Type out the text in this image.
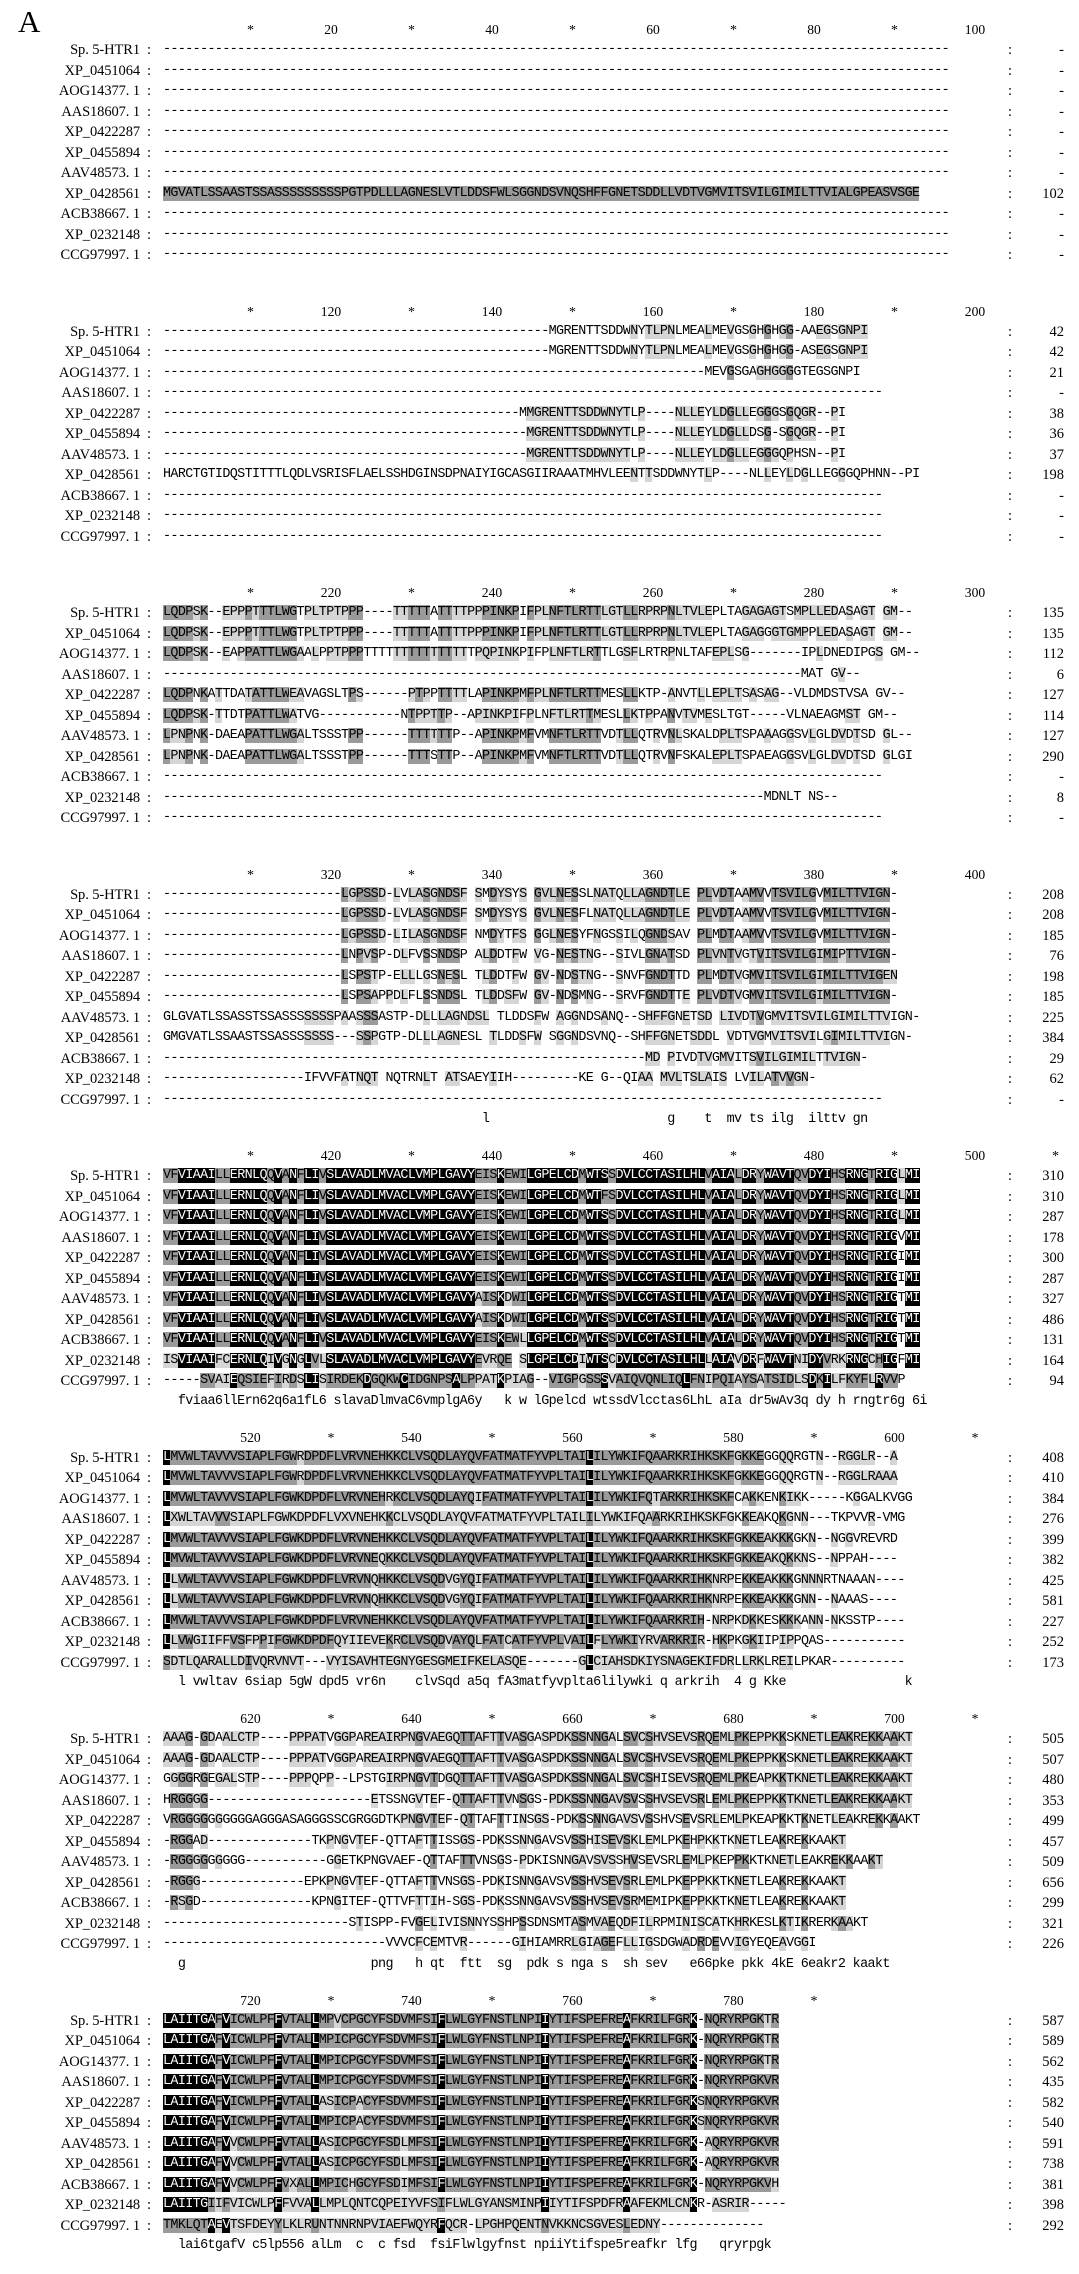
A	*	20	*	40	*	60	*	80	*	100
Sp. 5-HTR1 : ----------------------------------------------------------------------------------------------------------	:	-
XP_0451064 : ----------------------------------------------------------------------------------------------------------	:	-
AOG14377. 1 : ----------------------------------------------------------------------------------------------------------	:	-
AAS18607. 1 : ----------------------------------------------------------------------------------------------------------	:	-
XP_0422287 : ----------------------------------------------------------------------------------------------------------	:	-
XP_0455894 : ----------------------------------------------------------------------------------------------------------	:	-
AAV48573. 1 : ----------------------------------------------------------------------------------------------------------	:	-
XP_0428561 : MGVATLSSAASTSSASSSSSSSSSPGTPDLLLAGNESLVTLDDSFWLSGGNDSVNQSHFFGNETSDDLLVDTVGMVITSVILGIMILTTVIALGPEASVSGE	:	102
ACB38667. 1 : ----------------------------------------------------------------------------------------------------------	:	-
XP_0232148 : ----------------------------------------------------------------------------------------------------------	:	-
CCG97997. 1 : ----------------------------------------------------------------------------------------------------------	:	-
*	120	*	140	*	160	*	180	*	200
Sp. 5-HTR1 : ----------------------------------------------------MGRENTTSDDWNYTLPNLMEALMEVGSGHGHGG-AAEGSGNPI	:	42
XP_0451064 : ----------------------------------------------------MGRENTTSDDWNYTLPNLMEALMEVGSGHGHGG-ASEGSGNPI	:	42
AOG14377. 1 : -------------------------------------------------------------------------MEVGSGAGHGGGGTEGSGNPI	:	21
AAS18607. 1 : -------------------------------------------------------------------------------------------------	:	-
XP_0422287 : ------------------------------------------------MMGRENTTSDDWNYTLP----NLLEYLDGLLEGGGSGQGR--PI	:	38
XP_0455894 : -------------------------------------------------MGRENTTSDDWNYTLP----NLLEYLDGLLDSG-SGQGR--PI	:	36
AAV48573. 1 : -------------------------------------------------MGRENTTSDDWNYTLP----NLLEYLDGLLEGGGQPHSN--PI	:	37
XP_0428561 : HARCTGTIDQSTITTTLQDLVSRISFLAELSSHDGINSDPNAIYIGCASGIIRAAATMHVLEENTTSDDWNYTLP----NLLEYLDGLLEGGGQPHNN--PI	:	198
ACB38667. 1 : -------------------------------------------------------------------------------------------------	:	-
XP_0232148 : -------------------------------------------------------------------------------------------------	:	-
CCG97997. 1 : -------------------------------------------------------------------------------------------------	:	-
*	220	*	240	*	260	*	280	*	300
Sp. 5-HTR1 : LQDPSK--EPPPTTTLWGTPLTPTPPP----TTTTTATTTTPPPINKPIFPLNFTLRTTLGTLLRPRPNLTVLEPLTAGAGAGTSMPLLEDASAGT GM--	:	135
XP_0451064 : LQDPSK--EPPPTTTLWGTPLTPTPPP----TTTTTATTTTPPPINKPIFPLNFTLRTTLGTLLRPRPNLTVLEPLTAGAGGGTGMPPLEDASAGT GM--	:	135
AOG14377. 1 : LQDPSK--EAPPATTLWGAALPPTPPPTTTTTTTTTTTTTTTPQPINKPIFPLNFTLRTTLGSFLRTRPNLTAFEPLSG-------IPLDNEDIPGS GM--	:	112
AAS18607. 1 : --------------------------------------------------------------------------------------MAT GV--	:	6
XP_0422287 : LQDPNKATTDATATTLWEAVAGSLTPS------PTPPTTTTLAPINKPMFPLNFTLRTTMESLLKTP-ANVTLLEPLTSASAG--VLDMDSTVSA GV--	:	127
XP_0455894 : LQDPSK-TTDTPATTLWATVG-----------NTPPTTP--APINKPIFPLNFTLRTTMESLLKTPPANVTVMESLTGT-----VLNAEAGMST GM--	:	114
AAV48573. 1 : LPNPNK-DAEAPATTLWGALTSSSTPP------TTTTTTP--APINKPMFVMNFTLRTTVDTLLQTRVNLSKALDPLTSPAAAGGSVLGLDVDTSD GL--	:	127
XP_0428561 : LPNPNK-DAEAPATTLWGALTSSSTPP------TTTSTTP--APINKPMFVMNFTLRTTVDTLLQTRVNFSKALEPLTSPAEAGGSVLGLDVDTSD GLGI	:	290
ACB38667. 1 : -------------------------------------------------------------------------------------------------	:	-
XP_0232148 : ---------------------------------------------------------------------------------MDNLT NS--	:	8
CCG97997. 1 : -------------------------------------------------------------------------------------------------	:	-
*	320	*	340	*	360	*	380	*	400
Sp. 5-HTR1 : ------------------------LGPSSD-LVLASGNDSF SMDYSYS GVLNESSLNATQLLAGNDTLE PLVDTAAMVVTSVILGVMILTTVIGN-	:	208
XP_0451064 : ------------------------LGPSSD-LVLASGNDSF SMDYSYS GVLNESFLNATQLLAGNDTLE PLVDTAAMVVTSVILGVMILTTVIGN-	:	208
AOG14377. 1 : ------------------------LGPSSD-LILASGNDSF NMDYTFS GGLNESYFNGSSILQGNDSAV PLMDTAAMVVTSVILGVMILTTVIGN-	:	185
AAS18607. 1 : ------------------------LNPVSP-DLFVSSNDSP ALDDTFW VG-NESTNG--SIVLGNATSD PLVNTVGTVITSVILGIMIPTTVIGN-	:	76
XP_0422287 : ------------------------LSPSTP-ELLLGSNESL TLDDTFW GV-NDSTNG--SNVFGNDTTD PLMDTVGMVITSVILGIMILTTVIGEN	:	198
XP_0455894 : ------------------------LSPSAPPDLFLSSNDSL TLDDSFW GV-NDSMNG--SRVFGNDTTE PLVDTVGMVITSVILGIMILTTVIGN-	:	185
AAV48573. 1 : GLGVATLSSASSTSSASSSSSSSPAASSSASTP-DLLLAGNDSL TLDDSFW AGGNDSANQ--SHFFGNETSD LIVDTVGMVITSVILGIMILTTVIGN-	:	225
XP_0428561 : GMGVATLSSAASTSSASSSSSSS---SSPGTP-DLLLAGNESL TLDDSFW SGGNDSVNQ--SHFFGNETSDDL VDTVGMVITSVILGIMILTTVIGN-	:	384
ACB38667. 1 : -----------------------------------------------------------------MD PIVDTVGMVITSVILGIMILTTVIGN-	:	29
XP_0232148 : -------------------IFVVFATNQT NQTRNLT ATSAEYIIH---------KE G--QIAA MVLTSLAIS LVILATVVGN-	:	62
CCG97997. 1 : -------------------------------------------------------------------------------------------------	:	-
l                        g    t  mv ts ilg  ilttv gn
*	420	*	440	*	460	*	480	*	500	*
Sp. 5-HTR1 : VFVIAAILLERNLQQVANFLIVSLAVADLMVACLVMPLGAVYEISKEWILGPELCDMWTSSDVLCCTASILHLVAIALDRYWAVTQVDYIHSRNGTRIGLMI	:	310
XP_0451064 : VFVIAAILLERNLQQVANFLIVSLAVADLMVACLVMPLGAVYEISKEWILGPELCDMWTFSDVLCCTASILHLVAIALDRYWAVTQVDYIHSRNGTRIGLMI	:	310
AOG14377. 1 : VFVIAAILLERNLQQVANFLIVSLAVADLMVACLVMPLGAVYEISKEWILGPELCDMWTSSDVLCCTASILHLVAIALDRYWAVTQVDYIHSRNGTRIGLMI	:	287
AAS18607. 1 : VFVIAAILLERNLQQVANFLIVSLAVADLMVACLVMPLGAVYEISKEWILGPELCDMWTSSDVLCCTASILHLVAIALDRYWAVTQVDYIHSRNGTRIGVMI	:	178
XP_0422287 : VFVIAAILLERNLQQVANFLIVSLAVADLMVACLVMPLGAVYEISKEWILGPELCDMWTSSDVLCCTASILHLVAIALDRYWAVTQVDYIHSRNGTRIGIMI	:	300
XP_0455894 : VFVIAAILLERNLQQVANFLIVSLAVADLMVACLVMPLGAVYEISKEWILGPELCDMWTSSDVLCCTASILHLVAIALDRYWAVTQVDYIHSRNGTRIGIMI	:	287
AAV48573. 1 : VFVIAAILLERNLQQVANFLIVSLAVADLMVACLVMPLGAVYAISKDWILGPELCDMWTSSDVLCCTASILHLVAIALDRYWAVTQVDYIHSRNGTRIGTMI	:	327
XP_0428561 : VFVIAAILLERNLQQVANFLIVSLAVADLMVACLVMPLGAVYAISKDWILGPELCDMWTSSDVLCCTASILHLVAIALDRYWAVTQVDYIHSRNGTRIGTMI	:	486
ACB38667. 1 : VFVIAAILLERNLQQVANFLIVSLAVADLMVACLVMPLGAVYEISKEWLLGPELCDMWTSSDVLCCTASILHLVAIALDRYWAVTQVDYIHSRNGTRIGTMI	:	131
XP_0232148 : ISVIAAIFCERNLQIVGNGLVLSLAVADLMVACLVMPLGAVYEVRQE SLGPELCDIWTSCDVLCCTASILHLLAIAVDRFWAVTNIDYVRKRNGCHIGFMI	:	164
CCG97997. 1 : -----SVAIEQSIEFIRDSLISIRDEKDGQKWCIDGNPSALPPATKPIAG--VIGPGSSSVAIQVQNLIQLFNIPQIAYSATSIDLSDKILFKYFLRVVP	:	94
fviaa6llErn62q6a1fL6 slavaDlmvaC6vmplgA6y   k w lGpelcd wtssdVlcctas6LhL aIa dr5wAv3q dy h rngtr6g 6i
520	*	540	*	560	*	580	*	600	*
Sp. 5-HTR1 : LMVWLTAVVVSIAPLFGWRDPDFLVRVNEHKKCLVSQDLAYQVFATMATFYVPLTAILILYWKIFQAARKRIHKSKFGKKEGGQQRGTN--RGGLR--A	:	408
XP_0451064 : LMVWLTAVVVSIAPLFGWRDPDFLVRVNEHKKCLVSQDLAYQVFATMATFYVPLTAILILYWKIFQAARKRIHKSKFGKKEGGQQRGTN--RGGLRAAA	:	410
AOG14377. 1 : LMVWLTAVVVSIAPLFGWKDPDFLVRVNEHRKCLVSQDLAYQIFATMATFYVPLTAILILYWKIFQTARKRIHKSKFCAKKENKIKK-----KGGALKVGG	:	384
AAS18607. 1 : LXWLTAVVVSIAPLFGWKDPDFLVXVNEHKKCLVSQDLAYQVFATMATFYVPLTAILILYWKIFQAARKRIHKSKFGKKEAKQKGNN---TKPVVR-VMG	:	276
XP_0422287 : LMVWLTAVVVSIAPLFGWKDPDFLVRVNEHKKCLVSQDLAYQVFATMATFYVPLTAILILYWKIFQAARKRIHKSKFGKKEAKKKGKN--NGGVREVRD	:	399
XP_0455894 : LMVWLTAVVVSIAPLFGWKDPDFLVRVNEQKKCLVSQDLAYQVFATMATFYVPLTAILILYWKIFQAARKRIHKSKFGKKEAKQKKNS--NPPAH----	:	382
AAV48573. 1 : LLVWLTAVVVSIAPLFGWKDPDFLVRVNQHKKCLVSQDVGYQIFATMATFYVPLTAILILYWKIFQAARKRIHKNRPEKKEAKKKGNNNRTNAAAN----	:	425
XP_0428561 : LLVWLTAVVVSIAPLFGWKDPDFLVRVNQHKKCLVSQDVGYQIFATMATFYVPLTAILILYWKIFQAARKRIHKNRPEKKEAKKKGNN--NAAAS----	:	581
ACB38667. 1 : LMVWLTAVVVSIAPLFGWKDPDFLVRVNEHKKCLVSQDLAYQVFATMATFYVPLTAILILYWKIFQAARKRIH-NRPKDKKESKKKANN-NKSSTP----	:	227
XP_0232148 : LLVWGIIFFVSFPPIFGWKDPDFQYIIEVEKRCLVSQDVAYQLFATCATFYVPLVAILFLYWKIYRVARKRIR-HKPKGKIIPIPPQAS-----------	:	252
CCG97997. 1 : SDTLQARALLDIVQRVNVT---VYISAVHTEGNYGESGMEIFKELASQE-------GLCIAHSDKIYSNAGEKIFDRLLRKLREILPKAR----------	:	173
l vwltav 6siap 5gW dpd5 vr6n    clvSqd a5q fA3matfyvplta6lilywki q arkrih  4 g Kke                k
620	*	640	*	660	*	680	*	700	*
Sp. 5-HTR1 : AAAG-GDAALCTP----PPPATVGGPAREAIRPNGVAEGQTTAFTTVASGASPDKSSNNGALSVCSHVSEVSRQEMLPKEPPKKSKNETLEAKREKKAAKT	:	505
XP_0451064 : AAAG-GDAALCTP----PPPATVGGPAREAIRPNGVAEGQTTAFTTVASGASPDKSSNNGALSVCSHVSEVSRQEMLPKEPPKKSKNETLEAKREKKAAKT	:	507
AOG14377. 1 : GGGGRGEGALSTP----PPPQPP--LPSTGIRPNGVTDGQTTAFTTVASGASPDKSSNNGALSVCSHISEVSRQEMLPKEAPKKTKNETLEAKREKKAAKT	:	480
AAS18607. 1 : HRGGGG----------------------ETSSNGVTEF-QTTAFTTVNSGS-PDKSSNNGAVSVSSHVSEVSRLEMLPKEPPKKTKNETLEAKREKKAAKT	:	353
XP_0422287 : VRGGGGGGGGGGAGGGASAGGGSSCGRGGDTKPNGVTEF-QTTAFTTINSGS-PDKSSNNGAVSVSSHVSEVSRLEMLPKEAPKKTKNETLEAKREKKAAKT	:	499
XP_0455894 : -RGGAD--------------TKPNGVTEF-QTTAFTTISSGS-PDKSSNNGAVSVSSHISEVSKLEMLPKEHPKKTKNETLEAKREKKAAKT	:	457
AAV48573. 1 : -RGGGGGGGGG-----------GGETKPNGVAEF-QTTAFTTVNSGS-PDKISNNGAVSVSSHVSEVSRLEMLPKEPPKKTKNETLEAKREKKAAKT	:	509
XP_0428561 : -RGGG--------------EPKPNGVTEF-QTTAFTTVNSGS-PDKISNNGAVSVSSHVSEVSRLEMLPKEPPKKTKNETLEAKREKKAAKT	:	656
ACB38667. 1 : -RSGD---------------KPNGITEF-QTTVFTTIH-SGS-PDKSSNNGAVSVSSHVSEVSRMEMIPKEPPKKTKNETLEAKREKKAAKT	:	299
XP_0232148 : -------------------------STISPP-FVGELIVISNNYSSHPSSDNSMTASMVAEQDFILRPMINISCATKHRKESLKTIKRERKAAKT	:	321
CCG97997. 1 : ------------------------------VVVCFCEMTVR------GIHIAMRRLGIAGEFLLIGSDGWADRDEVVIGYEQEAVGGI	:	226
g                         png   h qt  ftt  sg  pdk s nga s  sh sev   e66pke pkk 4kE 6eakr2 kaakt
720	*	740	*	760	*	780	*
Sp. 5-HTR1 : LAIITGAFVICWLPFFVTALLMPVCPGCYFSDVMFSIFLWLGYFNSTLNPIIYTIFSPEFREAFKRILFGRK-NQRYRPGKTR	:	587
XP_0451064 : LAIITGAFVICWLPFFVTALLMPICPGCYFSDVMFSIFLWLGYFNSTLNPIIYTIFSPEFREAFKRILFGRK-NQRYRPGKTR	:	589
AOG14377. 1 : LAIITGAFVICWLPFFVTALLMPICPGCYFSDVMFSIFLWLGYFNSTLNPIIYTIFSPEFREAFKRILFGRK-NQRYRPGKTR	:	562
AAS18607. 1 : LAIITGAFVICWLPFFVTALLMPICPGCYFSDVMFSIFLWLGYFNSTLNPIIYTIFSPEFREAFKRILFGRK-NQRYRPGKVR	:	435
XP_0422287 : LAIITGAFVICWLPFFVTALLASICPACYFSDVMFSIFLWLGYFNSTLNPIIYTIFSPEFREAFKRILFGRKSNQRYRPGKVR	:	582
XP_0455894 : LAIITGAFVICWLPFFVTALLMPICPACYFSDVMFSIFLWLGYFNSTLNPIIYTIFSPEFREAFKRILFGRKSNQRYRPGKVR	:	540
AAV48573. 1 : LAIITGAFVVCWLPFFVTALLASICPGCYFSDLMFSIFLWLGYFNSTLNPIIYTIFSPEFREAFKRILFGRK-AQRYRPGKVR	:	591
XP_0428561 : LAIITGAFVVCWLPFFVTALLASICPGCYFSDLMFSIFLWLGYFNSTLNPIIYTIFSPEFREAFKRILFGRK-AQRYRPGKVR	:	738
ACB38667. 1 : LAIITGAFVVCWLPFFVXALLMPICHGCYFSDIMFSIFLWLGYFNSTLNPIIYTIFSPEFREAFKRILFGRK-NQRYRPGKVH	:	381
XP_0232148 : LAIITGIIFVICWLPFFVVALLMPLQNTCQPEIYVFSIFLWLGYANSMINPIIYTIFSPDFRAAFEKMLCNKR-ASRIR-----	:	398
CCG97997. 1 : TMKLQTAEVTSFDEYYLKLRUNTNNRNPVIAEFWQYRFQCR-LPGHPQENTNVKKNCSGVESLEDNY--------------	:	292
lai6tgafV c5lp556 alLm  c  c fsd  fsiFlwlgyfnst npiiYtifspe5reafkr lfg   qryrpgk
